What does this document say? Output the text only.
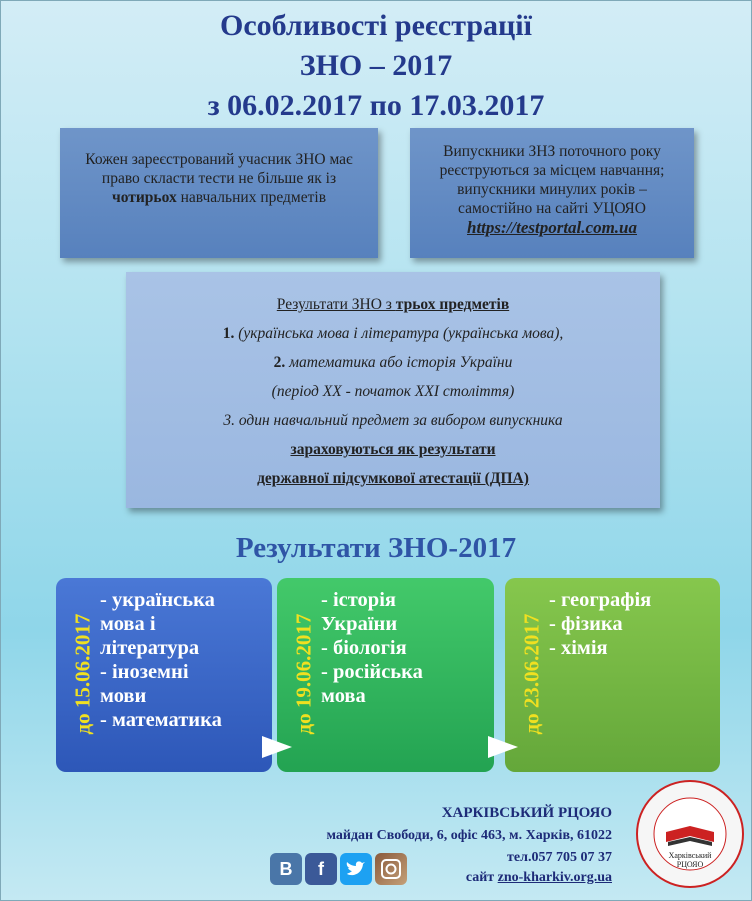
Особливості реєстрації
ЗНО – 2017
з 06.02.2017 по 17.03.2017
Кожен зареєстрований учасник ЗНО має право скласти тести не більше як із чотирьох навчальних предметів
Випускники ЗНЗ поточного року реєструються за місцем навчання; випускники минулих років – самостійно на сайті УЦОЯО
https://testportal.com.ua
Результати ЗНО з трьох предметів
1. (українська мова і література (українська мова),
2. математика або історія України
(період XX - початок XXI століття)
3. один навчальний предмет за вибором випускника
зараховуються як результати
державної підсумкової атестації (ДПА)
Результати ЗНО-2017
до 15.06.2017
- українська
мова і
література
- іноземні
мови
- математика	до 19.06.2017
- історія
України
- біологія
- російська
мова	до 23.06.2017
- географія
- фізика
- хімія
ХАРКІВСЬКИЙ РЦОЯО
майдан Свободи, 6, офіс 463, м. Харків, 61022
тел.057 705 07 37
сайт zno-kharkiv.org.ua
B	f
Харківський
РЦОЯО
